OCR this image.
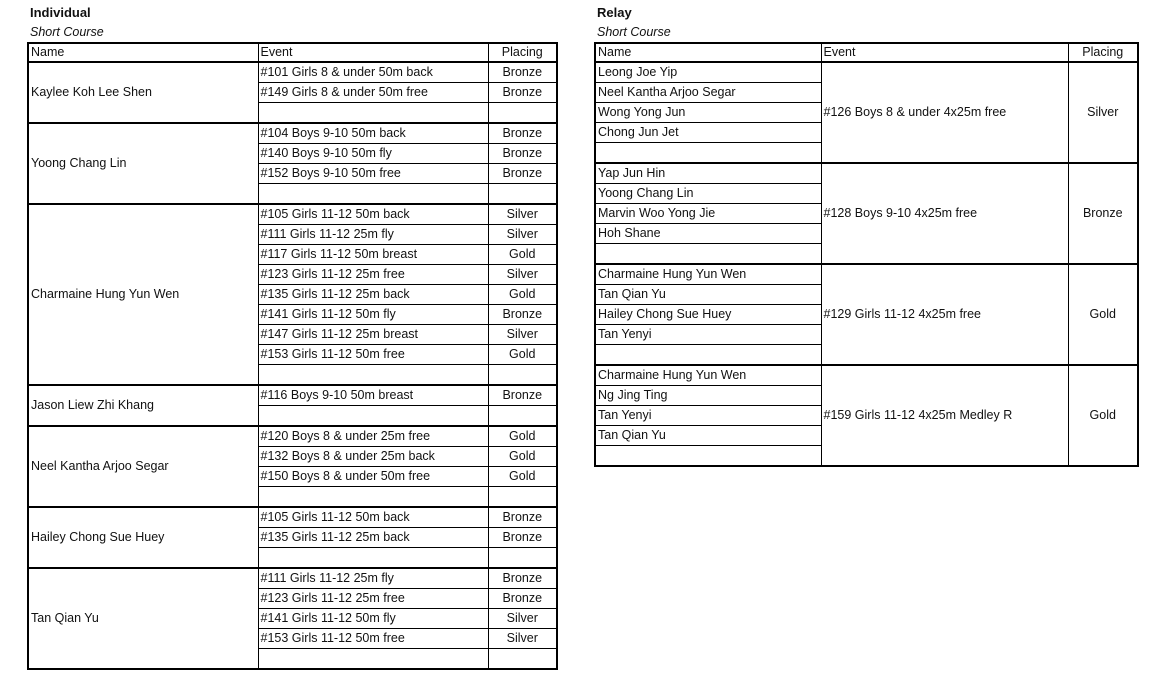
Individual
Short Course
Name	Event	Placing
Kaylee Koh Lee Shen	#101 Girls 8 & under 50m back	Bronze
	#149 Girls 8 & under 50m free	Bronze

Yoong Chang Lin	#104 Boys 9-10 50m back	Bronze
	#140 Boys 9-10 50m fly	Bronze
	#152 Boys 9-10 50m free	Bronze

Charmaine Hung Yun Wen	#105 Girls 11-12 50m back	Silver
	#111 Girls 11-12 25m fly	Silver
	#117 Girls 11-12 50m breast	Gold
	#123 Girls 11-12 25m free	Silver
	#135 Girls 11-12 25m back	Gold
	#141 Girls 11-12 50m fly	Bronze
	#147 Girls 11-12 25m breast	Silver
	#153 Girls 11-12 50m free	Gold

Jason Liew Zhi Khang	#116 Boys 9-10 50m breast	Bronze

Neel Kantha Arjoo Segar	#120 Boys 8 & under 25m free	Gold
	#132 Boys 8 & under 25m back	Gold
	#150 Boys 8 & under 50m free	Gold

Hailey Chong Sue Huey	#105 Girls 11-12 50m back	Bronze
	#135 Girls 11-12 25m back	Bronze

Tan Qian Yu	#111 Girls 11-12 25m fly	Bronze
	#123 Girls 11-12 25m free	Bronze
	#141 Girls 11-12 50m fly	Silver
	#153 Girls 11-12 50m free	Silver

Relay
Short Course
Name	Event	Placing
Leong Joe Yip	#126 Boys 8 & under 4x25m free	Silver
Neel Kantha Arjoo Segar		
Wong Yong Jun		
Chong Jun Jet		

Yap Jun Hin	#128 Boys 9-10 4x25m free	Bronze
Yoong Chang Lin		
Marvin Woo Yong Jie		
Hoh Shane		

Charmaine Hung Yun Wen	#129 Girls 11-12 4x25m free	Gold
Tan Qian Yu		
Hailey Chong Sue Huey		
Tan Yenyi		

Charmaine Hung Yun Wen	#159 Girls 11-12 4x25m Medley R	Gold
Ng Jing Ting		
Tan Yenyi		
Tan Qian Yu		
